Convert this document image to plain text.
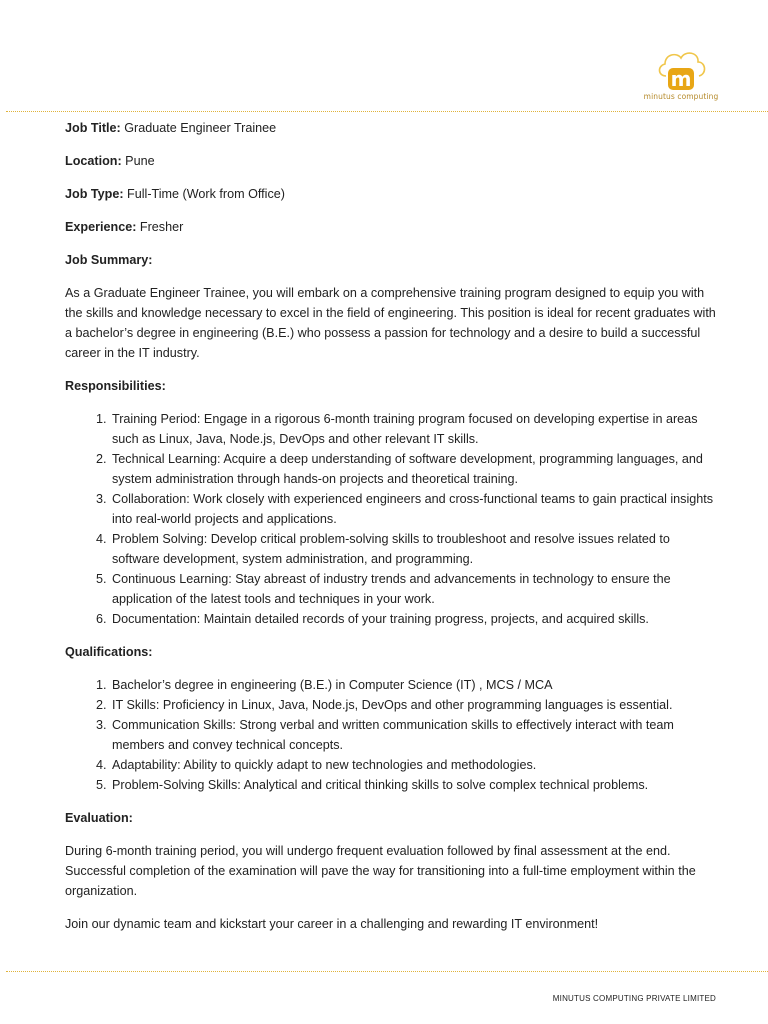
m
minutus computing
Job Title: Graduate Engineer Trainee
Location: Pune
Job Type: Full-Time (Work from Office)
Experience: Fresher
Job Summary:

As a Graduate Engineer Trainee, you will embark on a comprehensive training program designed to equip you with the skills and knowledge necessary to excel in the field of engineering. This position is ideal for recent graduates with a bachelor’s degree in engineering (B.E.) who possess a passion for technology and a desire to build a successful career in the IT industry.

Responsibilities:
1. Training Period: Engage in a rigorous 6-month training program focused on developing expertise in areas such as Linux, Java, Node.js, DevOps and other relevant IT skills.
2. Technical Learning: Acquire a deep understanding of software development, programming languages, and system administration through hands-on projects and theoretical training.
3. Collaboration: Work closely with experienced engineers and cross-functional teams to gain practical insights into real-world projects and applications.
4. Problem Solving: Develop critical problem-solving skills to troubleshoot and resolve issues related to software development, system administration, and programming.
5. Continuous Learning: Stay abreast of industry trends and advancements in technology to ensure the application of the latest tools and techniques in your work.
6. Documentation: Maintain detailed records of your training progress, projects, and acquired skills.
Qualifications:
1. Bachelor’s degree in engineering (B.E.) in Computer Science (IT) , MCS / MCA
2. IT Skills: Proficiency in Linux, Java, Node.js, DevOps and other programming languages is essential.
3. Communication Skills: Strong verbal and written communication skills to effectively interact with team members and convey technical concepts.
4. Adaptability: Ability to quickly adapt to new technologies and methodologies.
5. Problem-Solving Skills: Analytical and critical thinking skills to solve complex technical problems.
Evaluation:

During 6-month training period, you will undergo frequent evaluation followed by final assessment at the end. Successful completion of the examination will pave the way for transitioning into a full-time employment within the organization.

Join our dynamic team and kickstart your career in a challenging and rewarding IT environment!

MINUTUS COMPUTING PRIVATE LIMITED
